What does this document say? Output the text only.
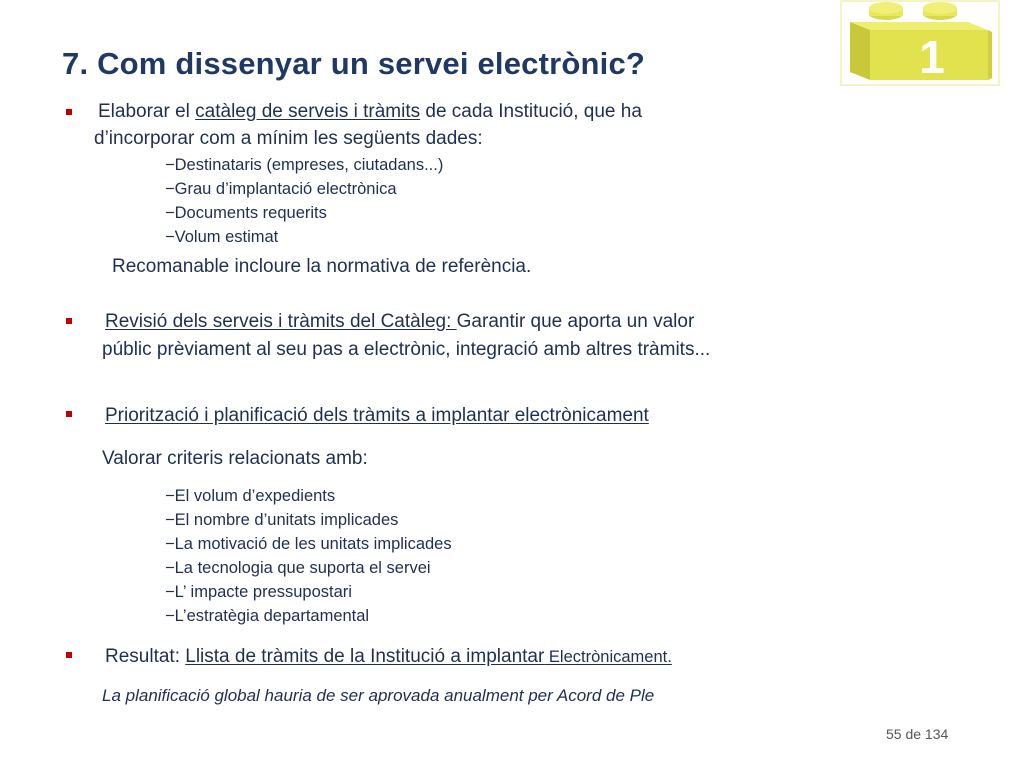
1
7. Com dissenyar un servei electrònic?
Elaborar el catàleg de serveis i tràmits de cada Institució, que ha
d’incorporar com a mínim les següents dades:
−Destinataris (empreses, ciutadans...)
−Grau d’implantació electrònica
−Documents requerits
−Volum estimat
Recomanable incloure la normativa de referència.
Revisió dels serveis i tràmits del Catàleg: Garantir que aporta un valor
públic prèviament al seu pas a electrònic, integració amb altres tràmits...
Priorització i planificació dels tràmits a implantar electrònicament
Valorar criteris relacionats amb:
−El volum d’expedients
−El nombre d’unitats implicades
−La motivació de les unitats implicades
−La tecnologia que suporta el servei
−L’ impacte pressupostari
−L’estratègia departamental
Resultat: Llista de tràmits de la Institució a implantar Electrònicament.
La planificació global hauria de ser aprovada anualment per Acord de Ple
55 de 134
